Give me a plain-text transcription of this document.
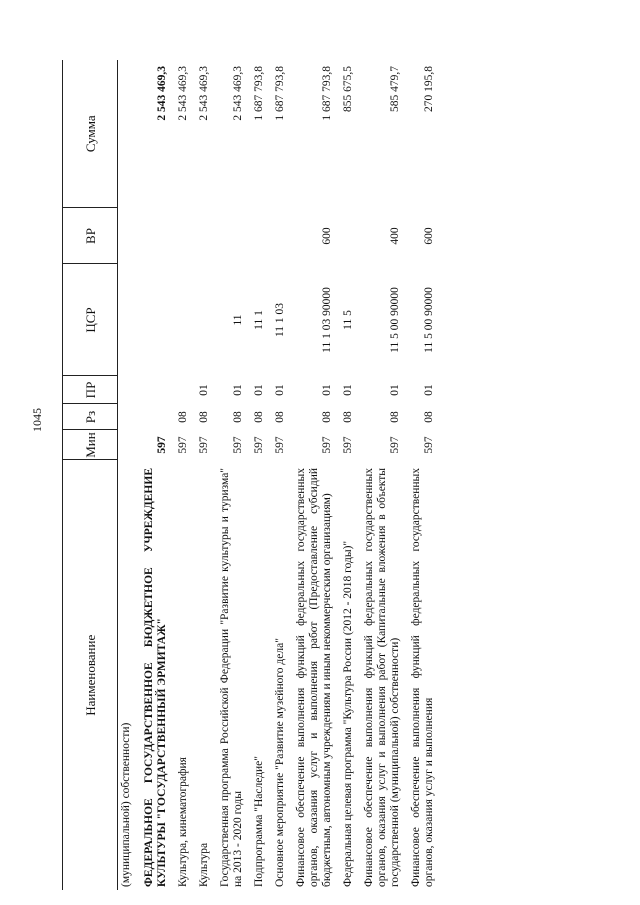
1045
Наименование	Мин	Рз	ПР	ЦСР	ВР	Сумма
(муниципальной) собственности)						
ФЕДЕРАЛЬНОЕ ГОСУДАРСТВЕННОЕ БЮДЖЕТНОЕ УЧРЕЖДЕНИЕ КУЛЬТУРЫ "ГОСУДАРСТВЕННЫЙ ЭРМИТАЖ"	597					2 543 469,3
Культура, кинематография	597	08				2 543 469,3
Культура	597	08	01			2 543 469,3
Государственная программа Российской Федерации "Развитие культуры и туризма" на 2013 - 2020 годы	597	08	01	11		2 543 469,3
Подпрограмма "Наследие"	597	08	01	11 1		1 687 793,8
Основное мероприятие "Развитие музейного дела"	597	08	01	11 1 03		1 687 793,8
Финансовое обеспечение выполнения функций федеральных государственных органов, оказания услуг и выполнения работ (Предоставление субсидий бюджетным, автономным учреждениям и иным некоммерческим организациям)	597	08	01	11 1 03 90000	600	1 687 793,8
Федеральная целевая программа "Культура России (2012 - 2018 годы)"	597	08	01	11 5		855 675,5
Финансовое обеспечение выполнения функций федеральных государственных органов, оказания услуг и выполнения работ (Капитальные вложения в объекты государственной (муниципальной) собственности)	597	08	01	11 5 00 90000	400	585 479,7
Финансовое обеспечение выполнения функций федеральных государственных органов, оказания услуг и выполнения	597	08	01	11 5 00 90000	600	270 195,8
